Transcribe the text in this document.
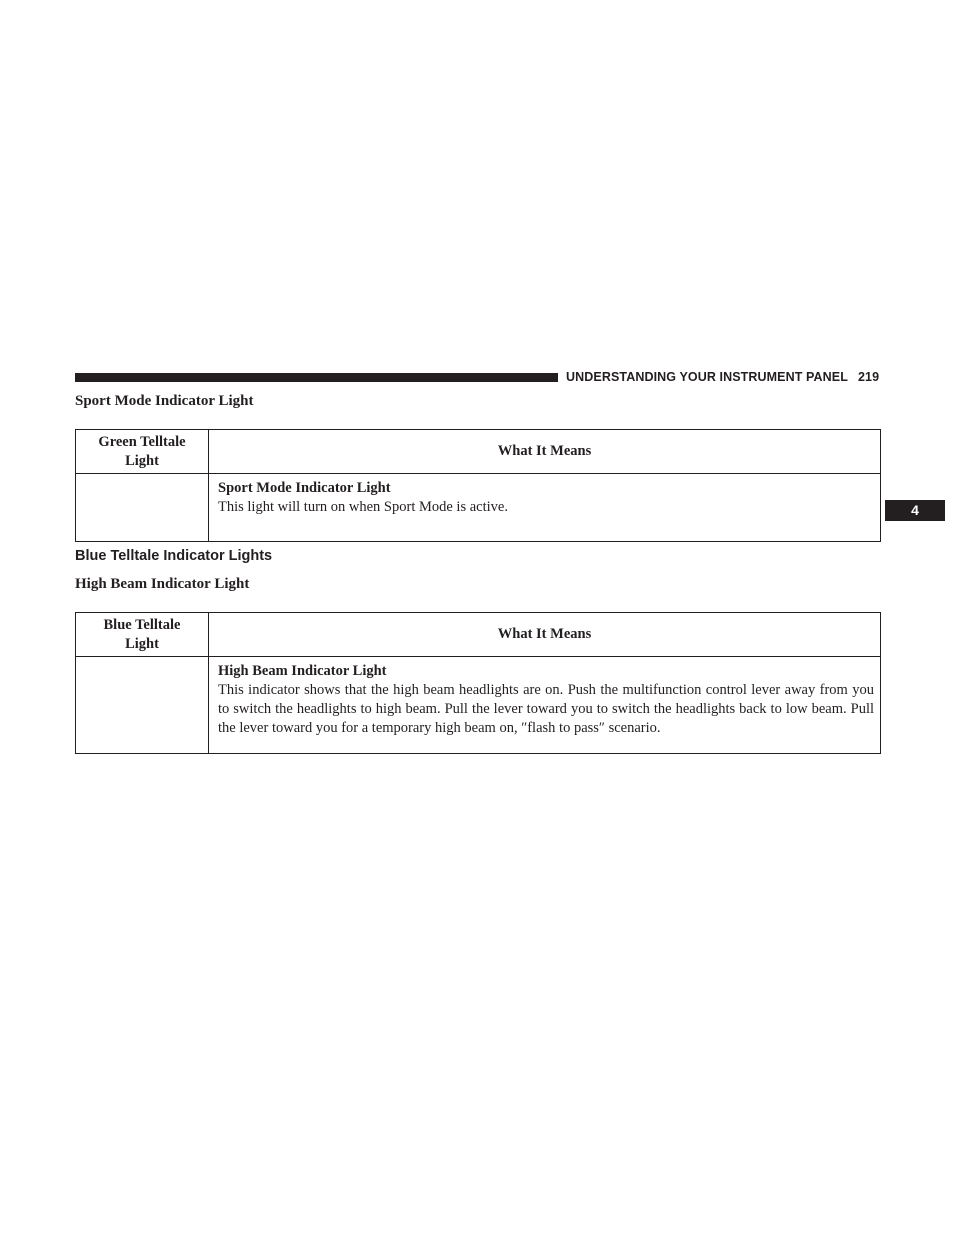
UNDERSTANDING YOUR INSTRUMENT PANEL 219
4
Sport Mode Indicator Light
Green Telltale Light	What It Means

	Sport Mode Indicator Light
This light will turn on when Sport Mode is active.
Blue Telltale Indicator Lights
High Beam Indicator Light
Blue Telltale Light	What It Means

	High Beam Indicator Light
This indicator shows that the high beam headlights are on. Push the multifunction control lever away from you to switch the headlights to high beam. Pull the lever toward you to switch the headlights back to low beam. Pull the lever toward you for a temporary high beam on, ″flash to pass″ scenario.
